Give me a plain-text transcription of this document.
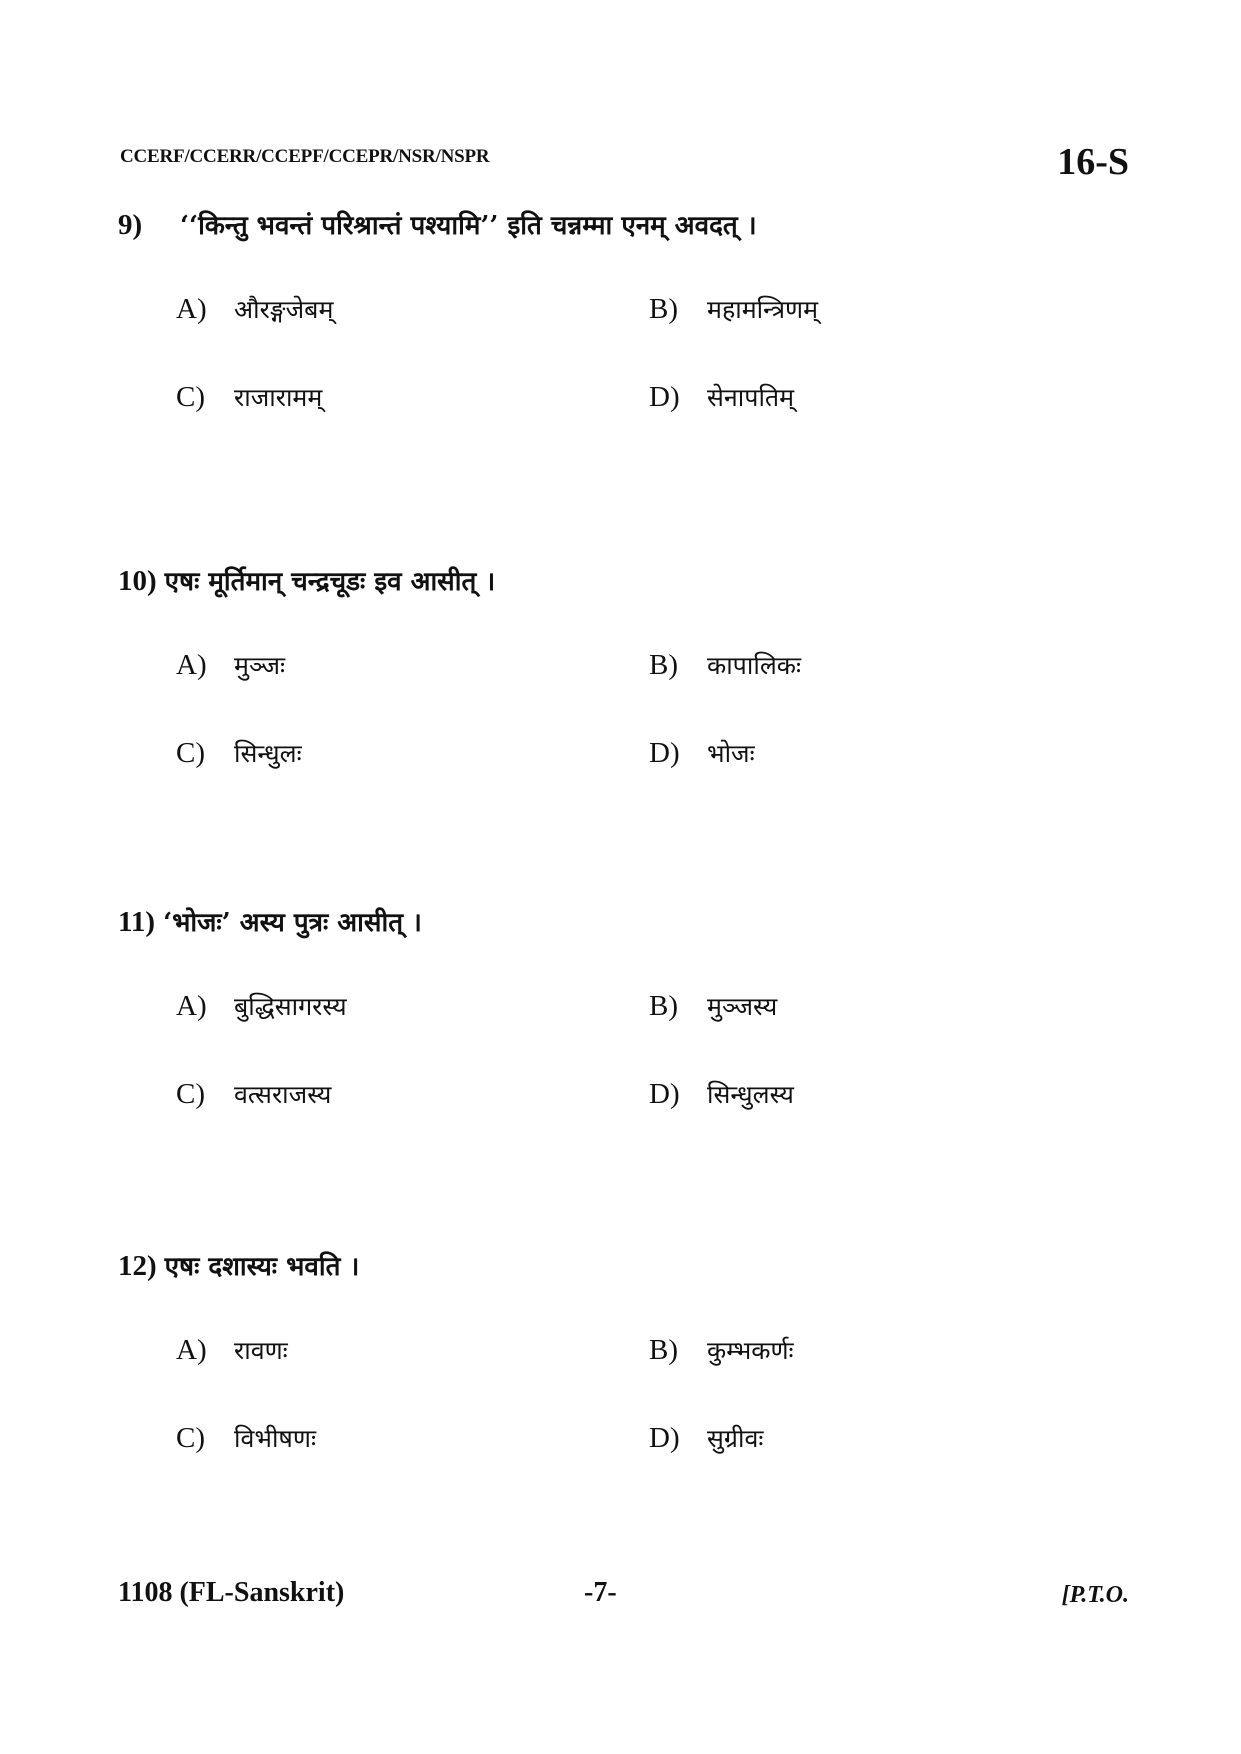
CCERF/CCERR/CCEPF/CCEPR/NSR/NSPR	16-S
9) ‘‘किन्तु भवन्तं परिश्रान्तं पश्यामि’’ इति चन्नम्मा एनम् अवदत् ।
A) औरङ्गजेबम्	B) महामन्त्रिणम्
C) राजारामम्	D) सेनापतिम्
10) एषः मूर्तिमान् चन्द्रचूडः इव आसीत् ।
A) मुञ्जः	B) कापालिकः
C) सिन्धुलः	D) भोजः
11) ‘भोजः’ अस्य पुत्रः आसीत् ।
A) बुद्धिसागरस्य	B) मुञ्जस्य
C) वत्सराजस्य	D) सिन्धुलस्य
12) एषः दशास्यः भवति ।
A) रावणः	B) कुम्भकर्णः
C) विभीषणः	D) सुग्रीवः
1108 (FL-Sanskrit)	-7-	[P.T.O.
